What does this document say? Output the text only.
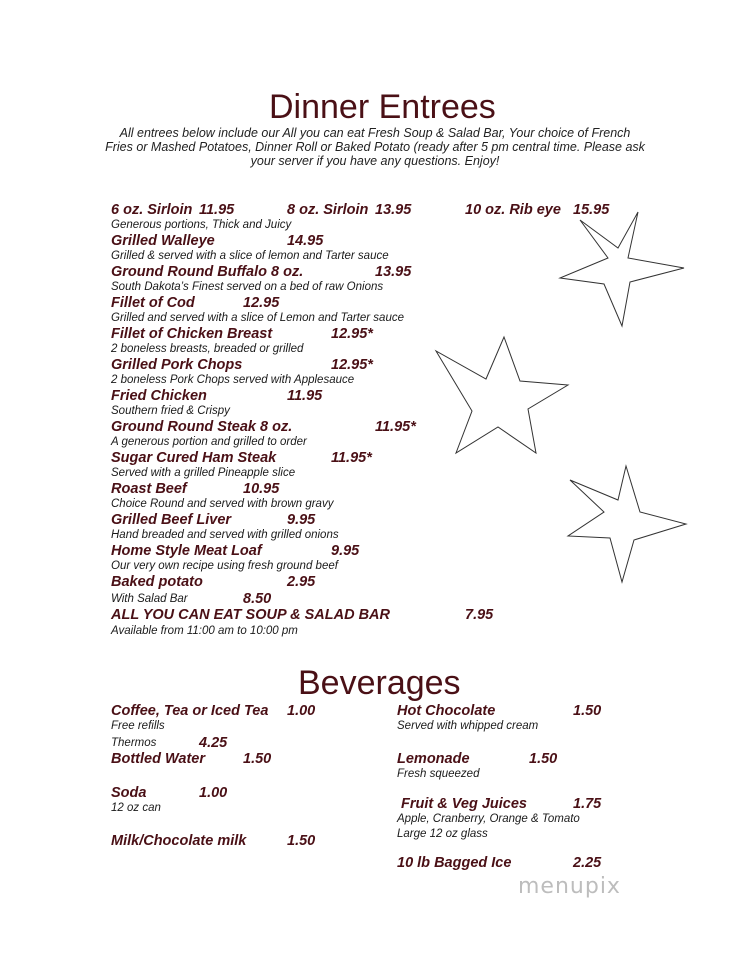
Dinner Entrees
All entrees below include our All you can eat Fresh Soup & Salad Bar, Your choice of French Fries or Mashed Potatoes, Dinner Roll or Baked Potato (ready after 5 pm central time. Please ask your server if you have any questions. Enjoy!
6 oz. Sirloin 11.95	8 oz. Sirloin 13.95	10 oz. Rib eye 15.95
Generous portions, Thick and Juicy
Grilled Walleye	14.95
Grilled & served with a slice of lemon and Tarter sauce
Ground Round Buffalo 8 oz.	13.95
South Dakota’s Finest served on a bed of raw Onions
Fillet of Cod	12.95
Grilled and served with a slice of Lemon and Tarter sauce
Fillet of Chicken Breast	12.95*
2 boneless breasts, breaded or grilled
Grilled Pork Chops	12.95*
2 boneless Pork Chops served with Applesauce
Fried Chicken	11.95
Southern fried & Crispy
Ground Round Steak 8 oz.	11.95*
A generous portion and grilled to order
Sugar Cured Ham Steak	11.95*
Served with a grilled Pineapple slice
Roast Beef	10.95
Choice Round and served with brown gravy
Grilled Beef Liver	9.95
Hand breaded and served with grilled onions
Home Style Meat Loaf	9.95
Our very own recipe using fresh ground beef
Baked potato	2.95
With Salad Bar	8.50
ALL YOU CAN EAT SOUP & SALAD BAR	7.95
Available from 11:00 am to 10:00 pm
Beverages
Coffee, Tea or Iced Tea 1.00
Free refills
Thermos	4.25
Bottled Water	1.50
Soda	1.00
12 oz can
Milk/Chocolate milk	1.50
Hot Chocolate	1.50
Served with whipped cream
Lemonade	1.50
Fresh squeezed
Fruit & Veg Juices	1.75
Apple, Cranberry, Orange & Tomato
Large 12 oz glass
10 lb Bagged Ice	2.25
menupix
